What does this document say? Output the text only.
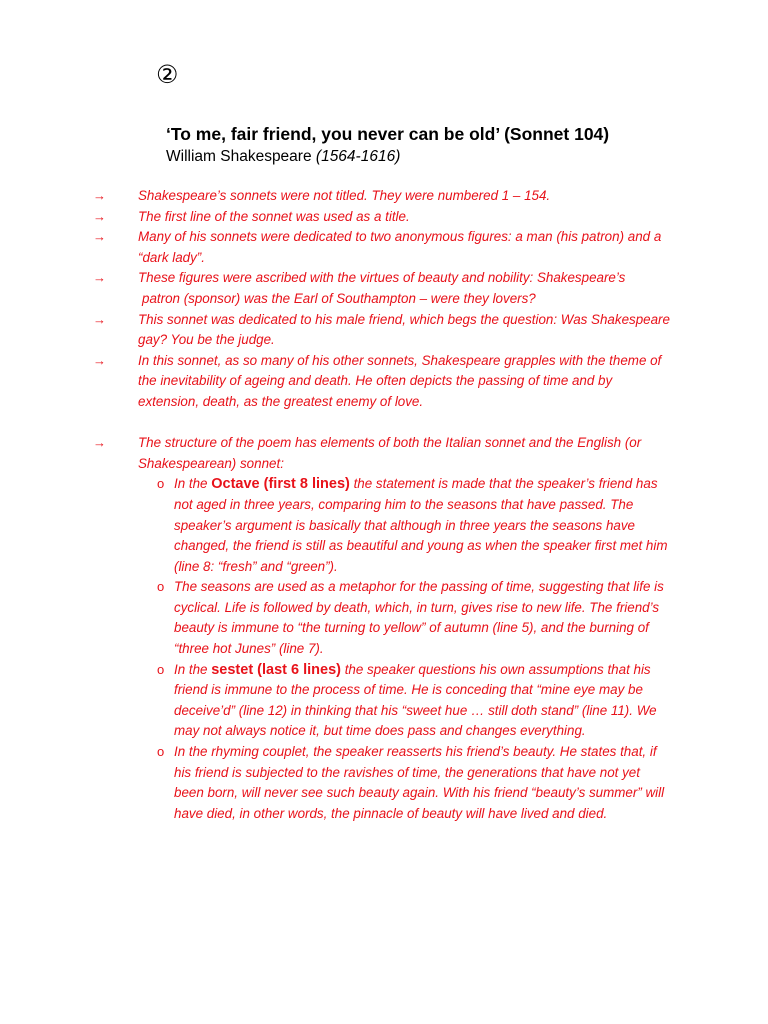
②
‘To me, fair friend, you never can be old’ (Sonnet 104)
William Shakespeare (1564-1616)
→ Shakespeare’s sonnets were not titled. They were numbered 1 – 154.
→ The first line of the sonnet was used as a title.
→ Many of his sonnets were dedicated to two anonymous figures: a man (his patron) and a “dark lady”.
→ These figures were ascribed with the virtues of beauty and nobility: Shakespeare’s
patron (sponsor) was the Earl of Southampton – were they lovers?
→ This sonnet was dedicated to his male friend, which begs the question: Was Shakespeare gay? You be the judge.
→ In this sonnet, as so many of his other sonnets, Shakespeare grapples with the theme of the inevitability of ageing and death. He often depicts the passing of time and by extension, death, as the greatest enemy of love.
→ The structure of the poem has elements of both the Italian sonnet and the English (or Shakespearean) sonnet:
o In the Octave (first 8 lines) the statement is made that the speaker’s friend has not aged in three years, comparing him to the seasons that have passed. The speaker’s argument is basically that although in three years the seasons have changed, the friend is still as beautiful and young as when the speaker first met him (line 8: “fresh” and “green”).
o The seasons are used as a metaphor for the passing of time, suggesting that life is cyclical. Life is followed by death, which, in turn, gives rise to new life. The friend’s beauty is immune to “the turning to yellow” of autumn (line 5), and the burning of “three hot Junes” (line 7).
o In the sestet (last 6 lines) the speaker questions his own assumptions that his friend is immune to the process of time. He is conceding that “mine eye may be deceive’d” (line 12) in thinking that his “sweet hue … still doth stand” (line 11). We may not always notice it, but time does pass and changes everything.
o In the rhyming couplet, the speaker reasserts his friend’s beauty. He states that, if his friend is subjected to the ravishes of time, the generations that have not yet been born, will never see such beauty again. With his friend “beauty’s summer” will have died, in other words, the pinnacle of beauty will have lived and died.
